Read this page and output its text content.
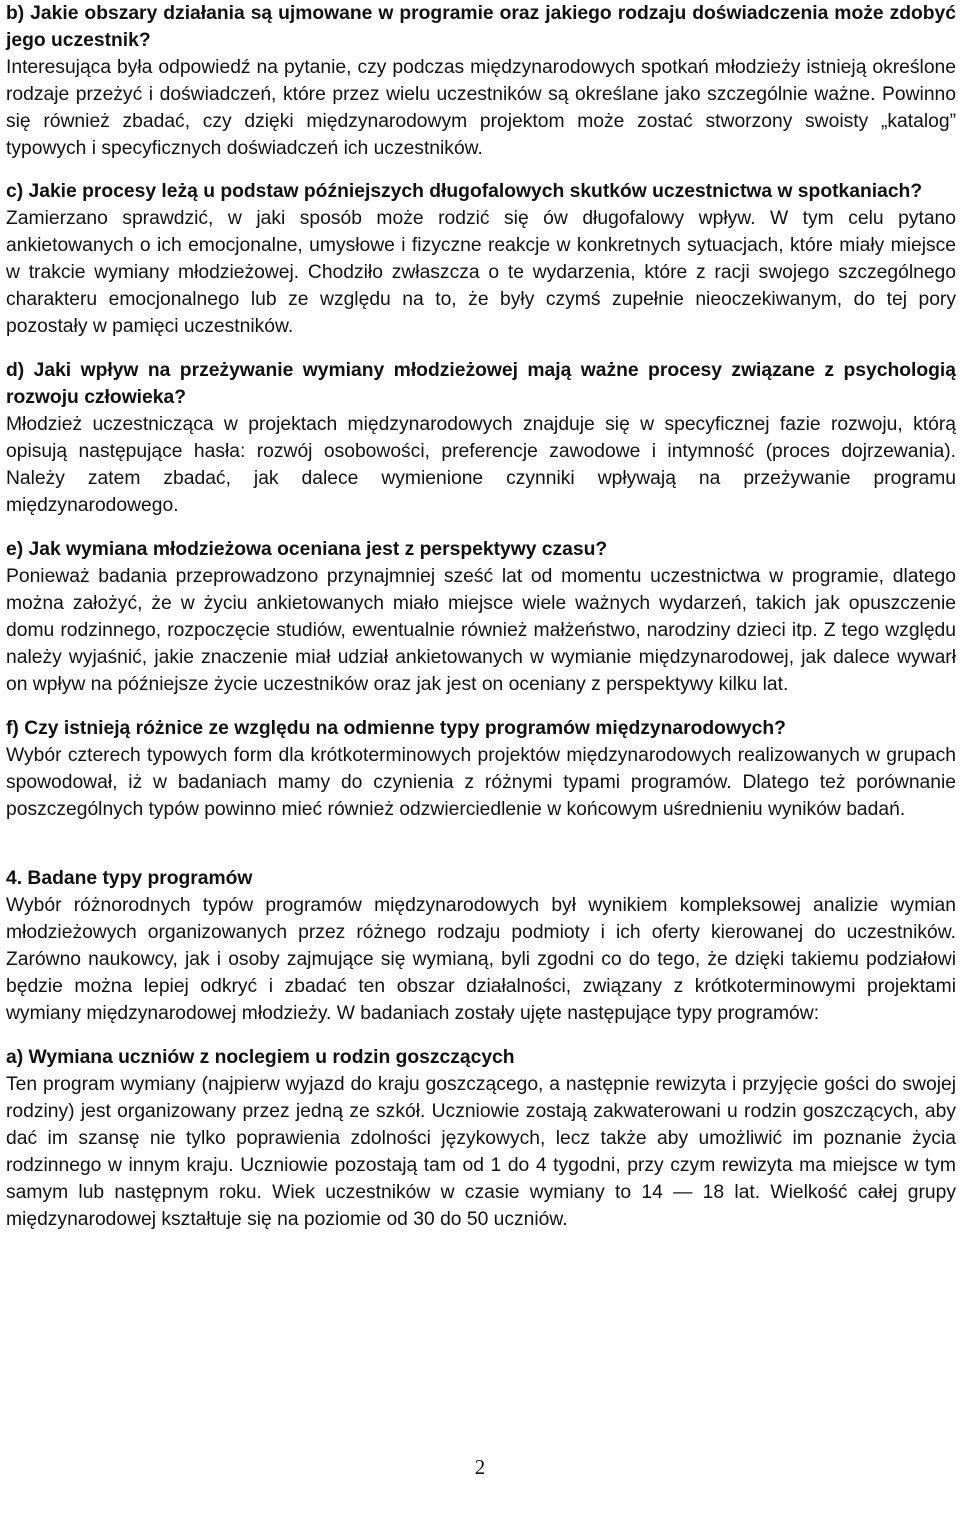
b) Jakie obszary działania są ujmowane w programie oraz jakiego rodzaju doświadczenia może zdobyć jego uczestnik?
Interesująca była odpowiedź na pytanie, czy podczas międzynarodowych spotkań młodzieży istnieją określone rodzaje przeżyć i doświadczeń, które przez wielu uczestników są określane jako szczególnie ważne. Powinno się również zbadać, czy dzięki międzynarodowym projektom może zostać stworzony swoisty „katalog” typowych i specyficznych doświadczeń ich uczestników.
c) Jakie procesy leżą u podstaw późniejszych długofalowych skutków uczestnictwa w spotkaniach?
Zamierzano sprawdzić, w jaki sposób może rodzić się ów długofalowy wpływ. W tym celu pytano ankietowanych o ich emocjonalne, umysłowe i fizyczne reakcje w konkretnych sytuacjach, które miały miejsce w trakcie wymiany młodzieżowej. Chodziło zwłaszcza o te wydarzenia, które z racji swojego szczególnego charakteru emocjonalnego lub ze względu na to, że były czymś zupełnie nieoczekiwanym, do tej pory pozostały w pamięci uczestników.
d) Jaki wpływ na przeżywanie wymiany młodzieżowej mają ważne procesy związane z psychologią rozwoju człowieka?
Młodzież uczestnicząca w projektach międzynarodowych znajduje się w specyficznej fazie rozwoju, którą opisują następujące hasła: rozwój osobowości, preferencje zawodowe i intymność (proces dojrzewania). Należy zatem zbadać, jak dalece wymienione czynniki wpływają na przeżywanie programu międzynarodowego.
e) Jak wymiana młodzieżowa oceniana jest z perspektywy czasu?
Ponieważ badania przeprowadzono przynajmniej sześć lat od momentu uczestnictwa w programie, dlatego można założyć, że w życiu ankietowanych miało miejsce wiele ważnych wydarzeń, takich jak opuszczenie domu rodzinnego, rozpoczęcie studiów, ewentualnie również małżeństwo, narodziny dzieci itp. Z tego względu należy wyjaśnić, jakie znaczenie miał udział ankietowanych w wymianie międzynarodowej, jak dalece wywarł on wpływ na późniejsze życie uczestników oraz jak jest on oceniany z perspektywy kilku lat.
f) Czy istnieją różnice ze względu na odmienne typy programów międzynarodowych?
Wybór czterech typowych form dla krótkoterminowych projektów międzynarodowych realizowanych w grupach spowodował, iż w badaniach mamy do czynienia z różnymi typami programów. Dlatego też porównanie poszczególnych typów powinno mieć również odzwierciedlenie w końcowym uśrednieniu wyników badań.
4. Badane typy programów
Wybór różnorodnych typów programów międzynarodowych był wynikiem kompleksowej analizie wymian młodzieżowych organizowanych przez różnego rodzaju podmioty i ich oferty kierowanej do uczestników. Zarówno naukowcy, jak i osoby zajmujące się wymianą, byli zgodni co do tego, że dzięki takiemu podziałowi będzie można lepiej odkryć i zbadać ten obszar działalności, związany z krótkoterminowymi projektami wymiany międzynarodowej młodzieży. W badaniach zostały ujęte następujące typy programów:
a) Wymiana uczniów z noclegiem u rodzin goszczących
Ten program wymiany (najpierw wyjazd do kraju goszczącego, a następnie rewizyta i przyjęcie gości do swojej rodziny) jest organizowany przez jedną ze szkół. Uczniowie zostają zakwaterowani u rodzin goszczących, aby dać im szansę nie tylko poprawienia zdolności językowych, lecz także aby umożliwić im poznanie życia rodzinnego w innym kraju. Uczniowie pozostają tam od 1 do 4 tygodni, przy czym rewizyta ma miejsce w tym samym lub następnym roku. Wiek uczestników w czasie wymiany to 14 — 18 lat. Wielkość całej grupy międzynarodowej kształtuje się na poziomie od 30 do 50 uczniów.
2
